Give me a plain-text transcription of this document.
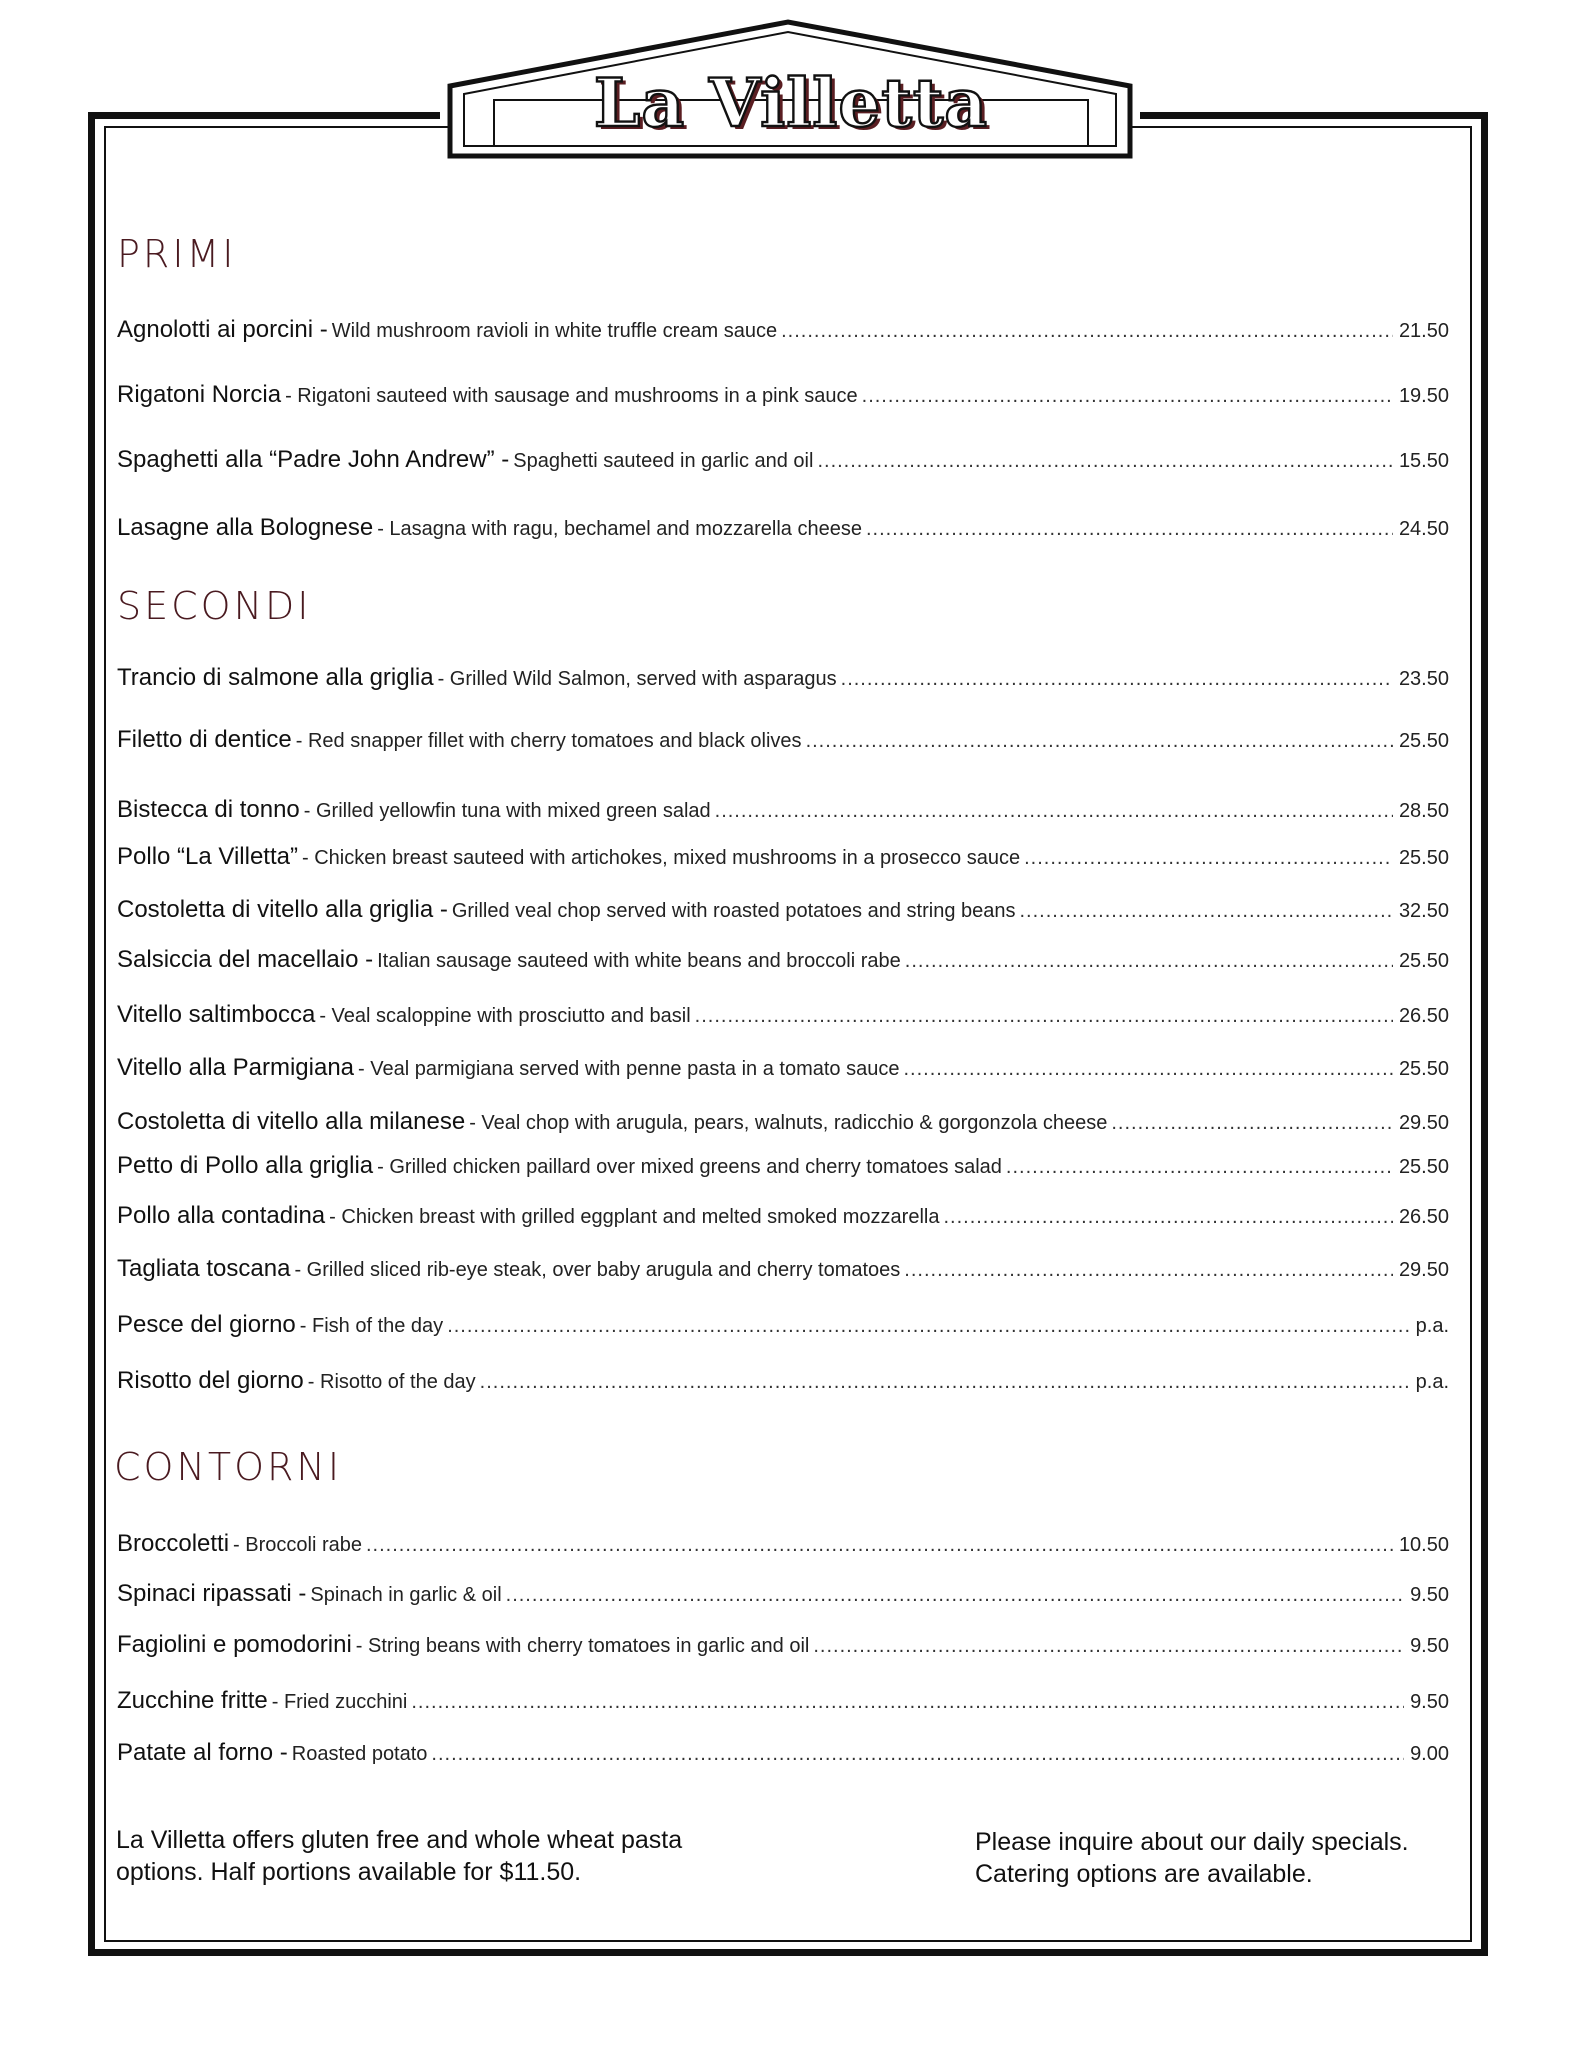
La Villetta
PRIMI
Agnolotti ai porcini - Wild mushroom ravioli in white truffle cream sauce .....	21.50
Rigatoni Norcia - Rigatoni sauteed with sausage and mushrooms in a pink sauce .....	19.50
Spaghetti alla “Padre John Andrew” - Spaghetti sauteed in garlic and oil .....	15.50
Lasagne alla Bolognese - Lasagna with ragu, bechamel and mozzarella cheese .....	24.50
SECONDI
Trancio di salmone alla griglia - Grilled Wild Salmon, served with asparagus .....	23.50
Filetto di dentice - Red snapper fillet with cherry tomatoes and black olives .....	25.50
Bistecca di tonno - Grilled yellowfin tuna with mixed green salad .....	28.50
Pollo “La Villetta” - Chicken breast sauteed with artichokes, mixed mushrooms in a prosecco sauce .....	25.50
Costoletta di vitello alla griglia - Grilled veal chop served with roasted potatoes and string beans .....	32.50
Salsiccia del macellaio - Italian sausage sauteed with white beans and broccoli rabe .....	25.50
Vitello saltimbocca - Veal scaloppine with prosciutto and basil .....	26.50
Vitello alla Parmigiana - Veal parmigiana served with penne pasta in a tomato sauce .....	25.50
Costoletta di vitello alla milanese - Veal chop with arugula, pears, walnuts, radicchio & gorgonzola cheese .....	29.50
Petto di Pollo alla griglia - Grilled chicken paillard over mixed greens and cherry tomatoes salad .....	25.50
Pollo alla contadina - Chicken breast with grilled eggplant and melted smoked mozzarella .....	26.50
Tagliata toscana - Grilled sliced rib-eye steak, over baby arugula and cherry tomatoes .....	29.50
Pesce del giorno - Fish of the day .....	p.a.
Risotto del giorno - Risotto of the day .....	p.a.
CONTORNI
Broccoletti - Broccoli rabe .....	10.50
Spinaci ripassati - Spinach in garlic & oil .....	9.50
Fagiolini e pomodorini - String beans with cherry tomatoes in garlic and oil .....	9.50
Zucchine fritte - Fried zucchini .....	9.50
Patate al forno - Roasted potato .....	9.00

La Villetta offers gluten free and whole wheat pasta
options. Half portions available for $11.50.

Please inquire about our daily specials.
Catering options are available.
